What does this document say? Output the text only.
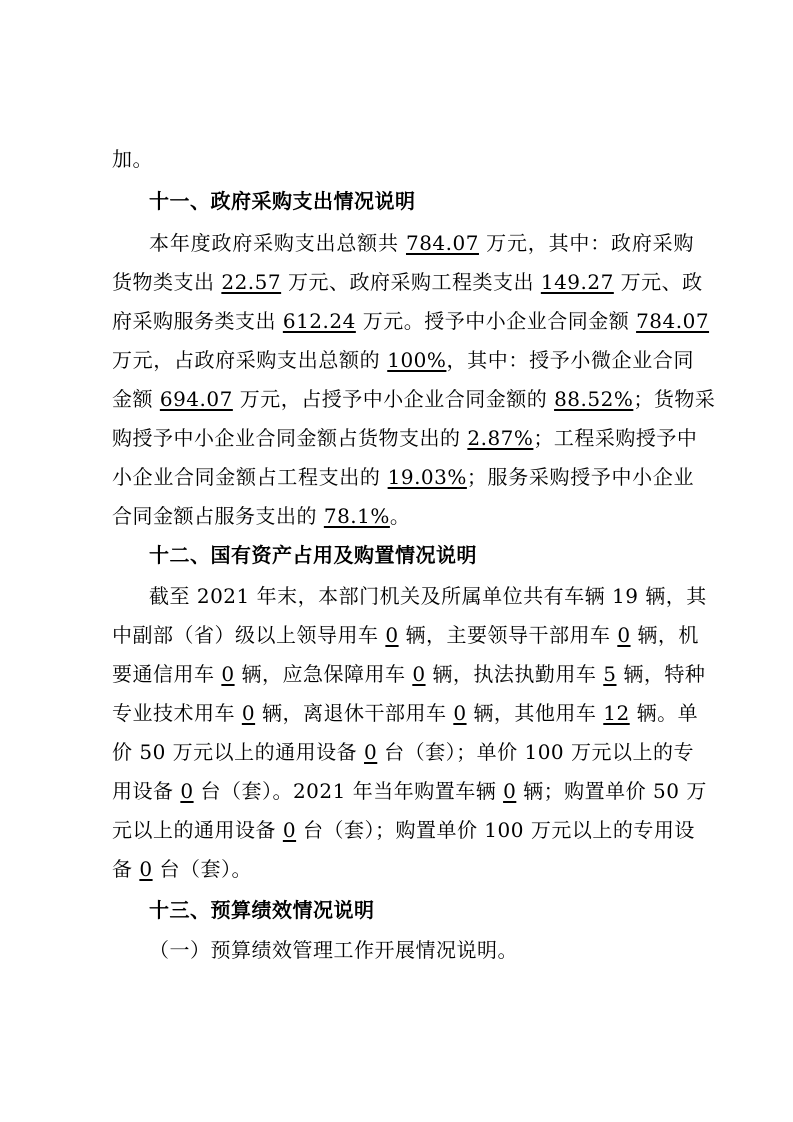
加。
十一、政府采购支出情况说明
本年度政府采购支出总额共 784.07 万元，其中：政府采购
货物类支出 22.57 万元、政府采购工程类支出 149.27 万元、政
府采购服务类支出 612.24 万元。授予中小企业合同金额 784.07
万元，占政府采购支出总额的 100%，其中：授予小微企业合同
金额 694.07 万元，占授予中小企业合同金额的 88.52%；货物采
购授予中小企业合同金额占货物支出的 2.87%；工程采购授予中
小企业合同金额占工程支出的 19.03%；服务采购授予中小企业
合同金额占服务支出的 78.1%。
十二、国有资产占用及购置情况说明
截至 2021 年末，本部门机关及所属单位共有车辆 19 辆，其
中副部（省）级以上领导用车 0 辆，主要领导干部用车 0 辆，机
要通信用车 0 辆，应急保障用车 0 辆，执法执勤用车 5 辆，特种
专业技术用车 0 辆，离退休干部用车 0 辆，其他用车 12 辆。单
价 50 万元以上的通用设备 0 台（套）；单价 100 万元以上的专
用设备 0 台（套）。2021 年当年购置车辆 0 辆；购置单价 50 万
元以上的通用设备 0 台（套）；购置单价 100 万元以上的专用设
备 0 台（套）。
十三、预算绩效情况说明
（一）预算绩效管理工作开展情况说明。
